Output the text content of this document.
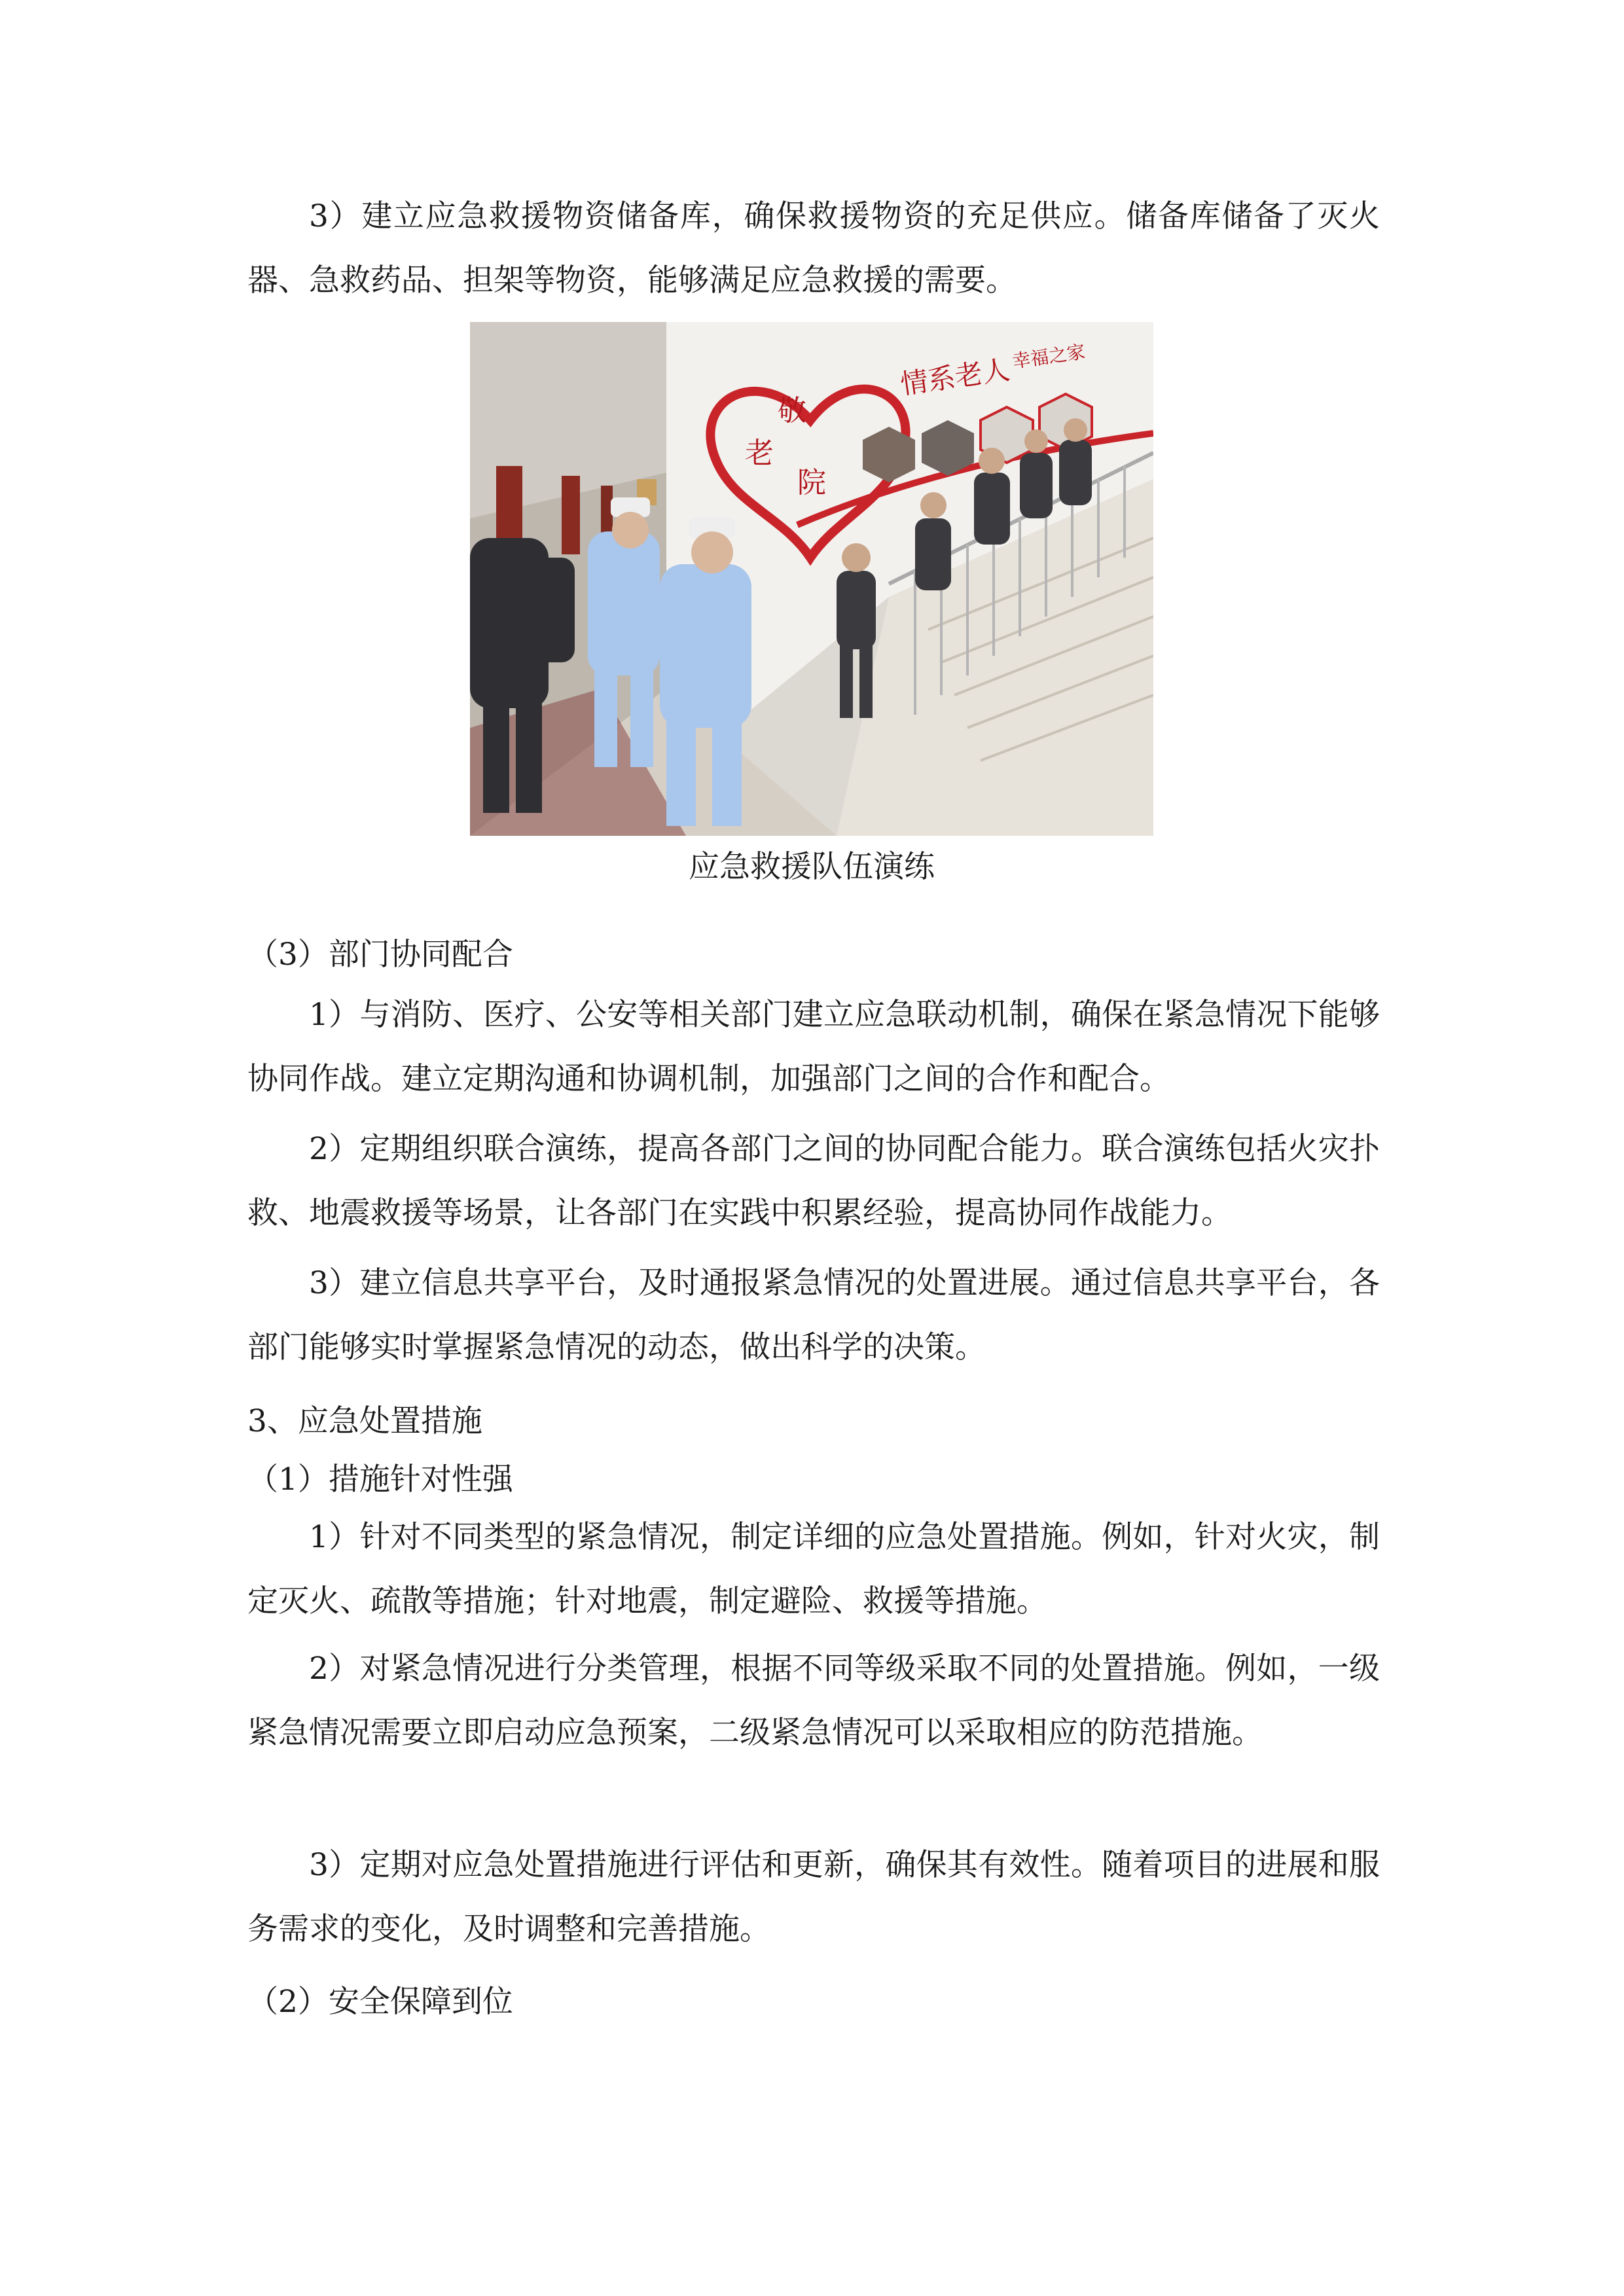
3）建立应急救援物资储备库，确保救援物资的充足供应。储备库储备了灭火器、急救药品、担架等物资，能够满足应急救援的需要。

敬
老
院
情系老人
幸福之家
应急救援队伍演练
（3）部门协同配合

1）与消防、医疗、公安等相关部门建立应急联动机制，确保在紧急情况下能够协同作战。建立定期沟通和协调机制，加强部门之间的合作和配合。

2）定期组织联合演练，提高各部门之间的协同配合能力。联合演练包括火灾扑救、地震救援等场景，让各部门在实践中积累经验，提高协同作战能力。

3）建立信息共享平台，及时通报紧急情况的处置进展。通过信息共享平台，各部门能够实时掌握紧急情况的动态，做出科学的决策。

3、应急处置措施
（1）措施针对性强

1）针对不同类型的紧急情况，制定详细的应急处置措施。例如，针对火灾，制定灭火、疏散等措施；针对地震，制定避险、救援等措施。

2）对紧急情况进行分类管理，根据不同等级采取不同的处置措施。例如，一级紧急情况需要立即启动应急预案，二级紧急情况可以采取相应的防范措施。

3）定期对应急处置措施进行评估和更新，确保其有效性。随着项目的进展和服务需求的变化，及时调整和完善措施。

（2）安全保障到位
